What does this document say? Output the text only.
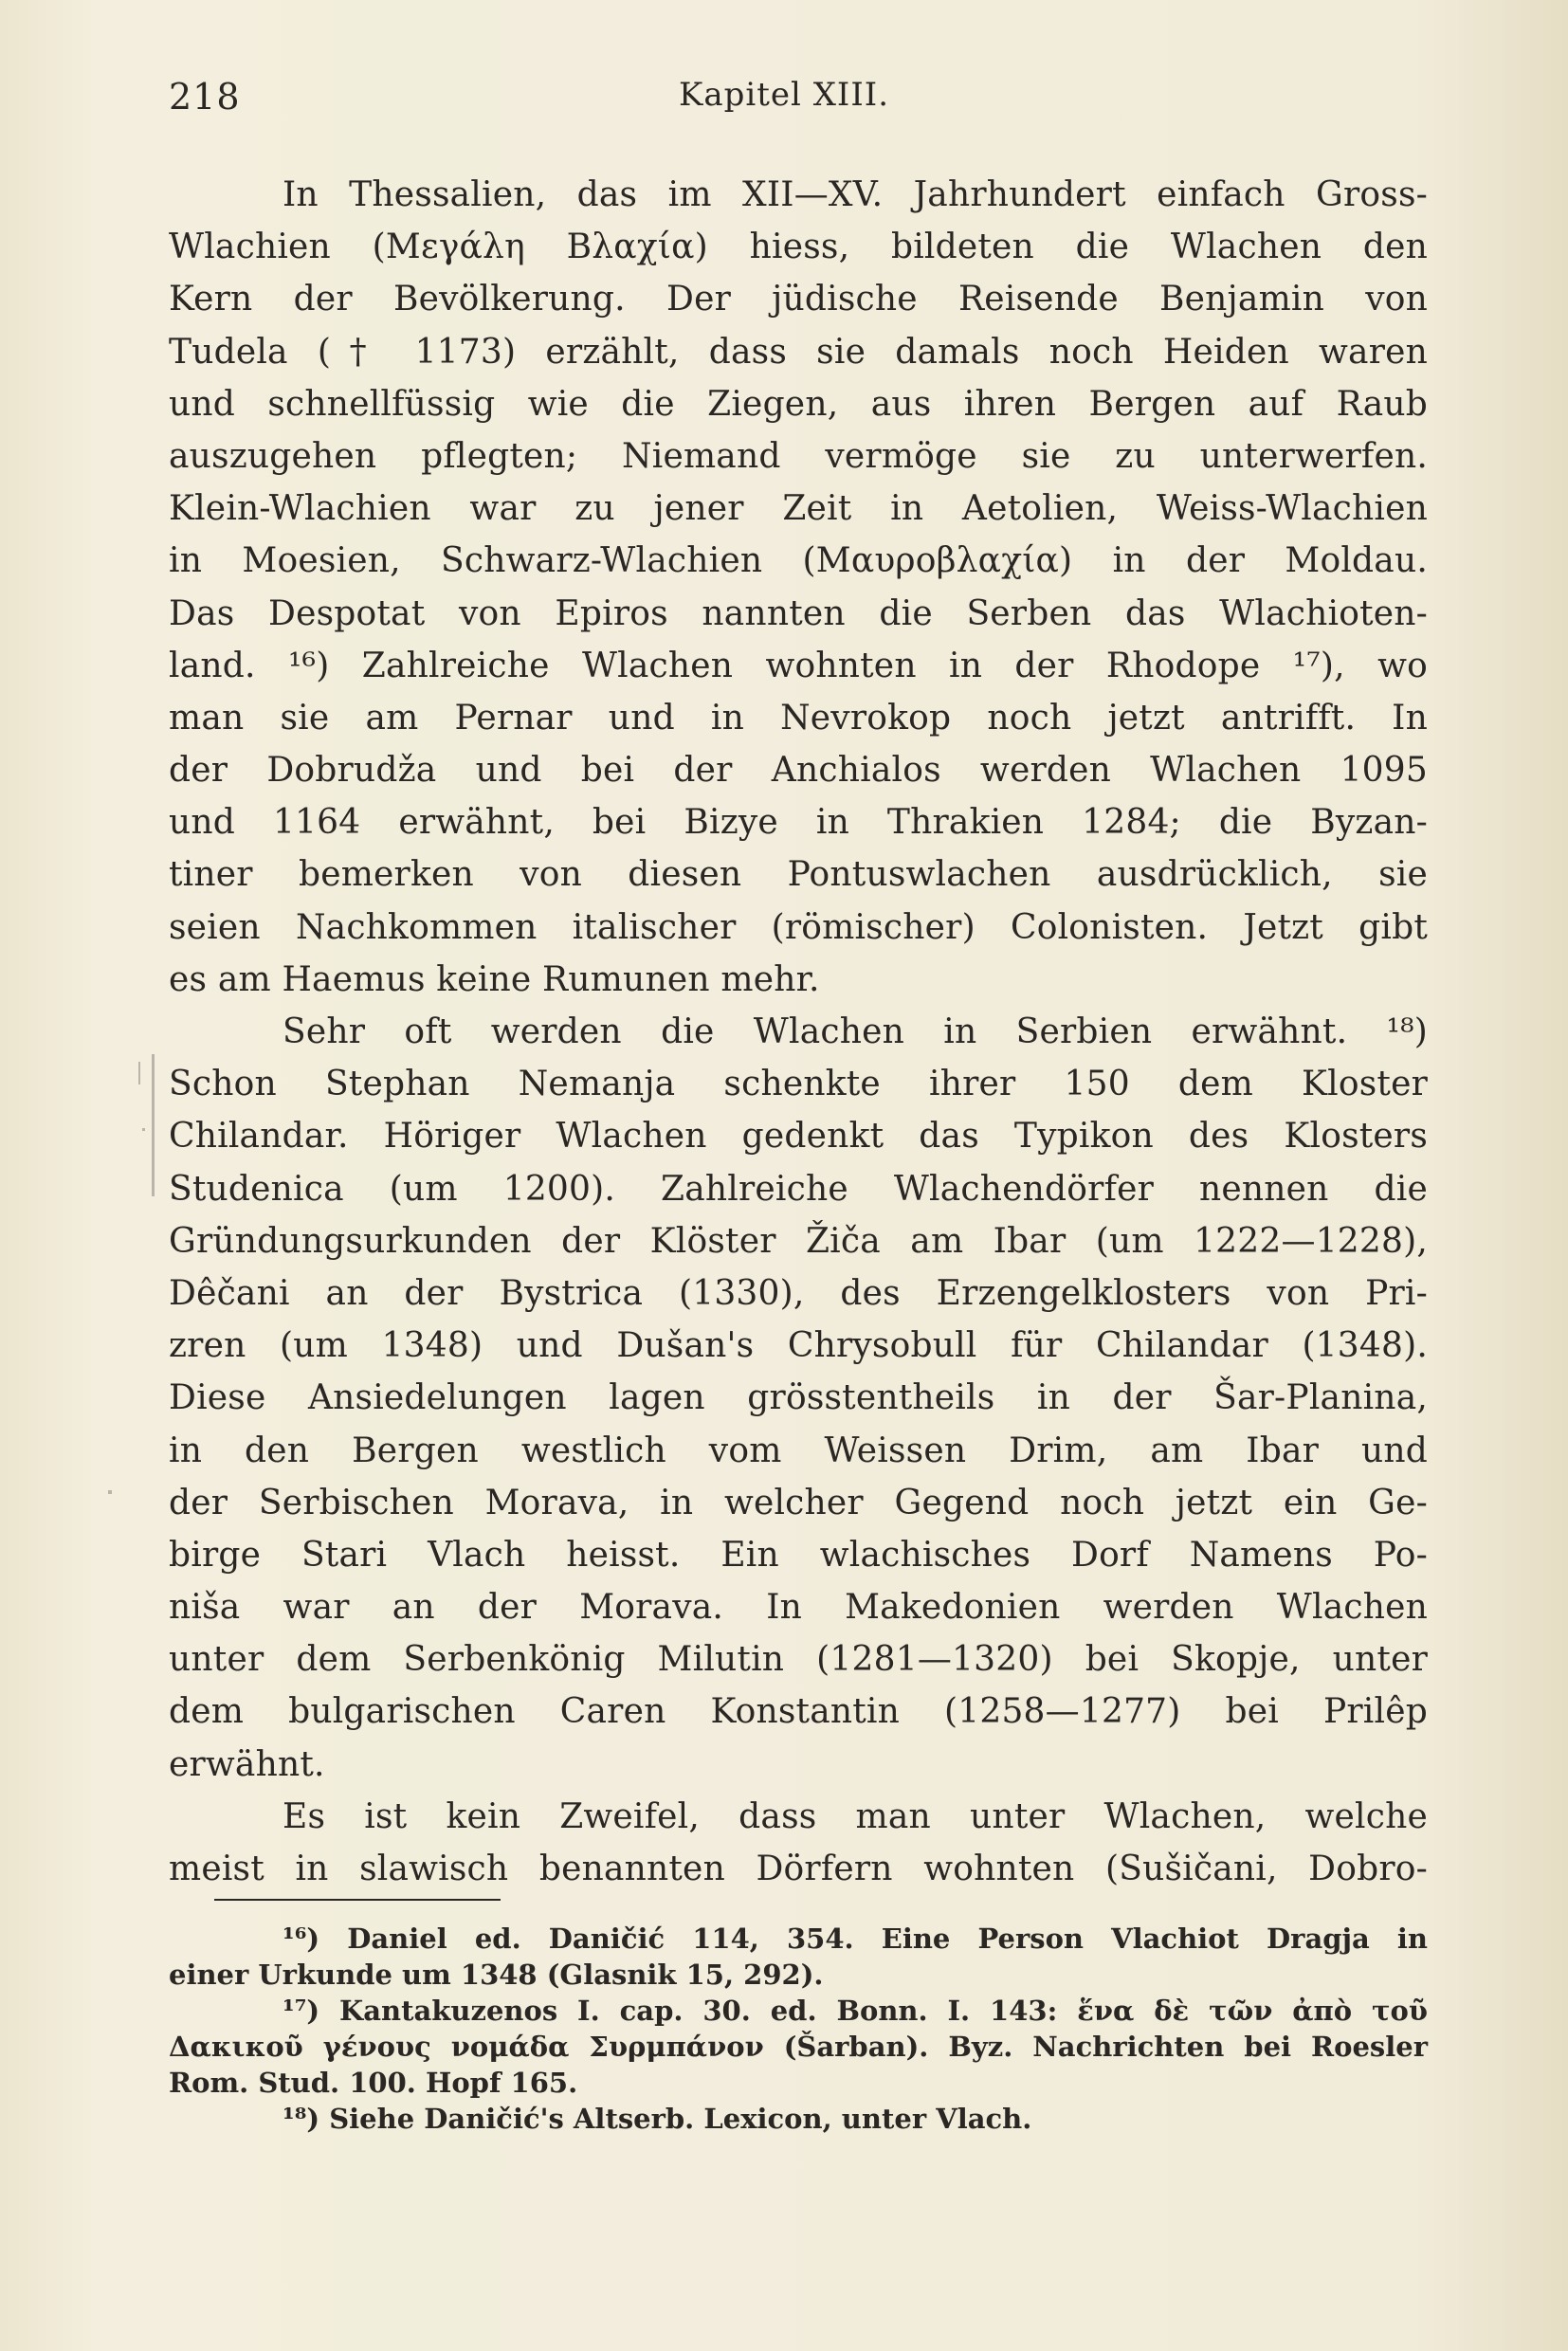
218	Kapitel XIII.
In Thessalien, das im XII—XV. Jahrhundert einfach Gross-
Wlachien (Μεγάλη Βλαχία) hiess, bildeten die Wlachen den
Kern der Bevölkerung. Der jüdische Reisende Benjamin von
Tudela († 1173) erzählt, dass sie damals noch Heiden waren
und schnellfüssig wie die Ziegen, aus ihren Bergen auf Raub
auszugehen pflegten; Niemand vermöge sie zu unterwerfen.
Klein-Wlachien war zu jener Zeit in Aetolien, Weiss-Wlachien
in Moesien, Schwarz-Wlachien (Μαυροβλαχία) in der Moldau.
Das Despotat von Epiros nannten die Serben das Wlachioten-
land. ¹⁶) Zahlreiche Wlachen wohnten in der Rhodope ¹⁷), wo
man sie am Pernar und in Nevrokop noch jetzt antrifft. In
der Dobrudža und bei der Anchialos werden Wlachen 1095
und 1164 erwähnt, bei Bizye in Thrakien 1284; die Byzan-
tiner bemerken von diesen Pontuswlachen ausdrücklich, sie
seien Nachkommen italischer (römischer) Colonisten. Jetzt gibt
es am Haemus keine Rumunen mehr.
Sehr oft werden die Wlachen in Serbien erwähnt. ¹⁸)
Schon Stephan Nemanja schenkte ihrer 150 dem Kloster
Chilandar. Höriger Wlachen gedenkt das Typikon des Klosters
Studenica (um 1200). Zahlreiche Wlachendörfer nennen die
Gründungsurkunden der Klöster Žiča am Ibar (um 1222—1228),
Dêčani an der Bystrica (1330), des Erzengelklosters von Pri-
zren (um 1348) und Dušan's Chrysobull für Chilandar (1348).
Diese Ansiedelungen lagen grösstentheils in der Šar-Planina,
in den Bergen westlich vom Weissen Drim, am Ibar und
der Serbischen Morava, in welcher Gegend noch jetzt ein Ge-
birge Stari Vlach heisst. Ein wlachisches Dorf Namens Po-
niša war an der Morava. In Makedonien werden Wlachen
unter dem Serbenkönig Milutin (1281—1320) bei Skopje, unter
dem bulgarischen Caren Konstantin (1258—1277) bei Prilêp
erwähnt.
Es ist kein Zweifel, dass man unter Wlachen, welche
meist in slawisch benannten Dörfern wohnten (Sušičani, Dobro-
¹⁶) Daniel ed. Daničić 114, 354. Eine Person Vlachiot Dragja in
einer Urkunde um 1348 (Glasnik 15, 292).
¹⁷) Kantakuzenos I. cap. 30. ed. Bonn. I. 143: ἕνα δὲ τῶν ἀπὸ τοῦ
Δακικοῦ γένους νομάδα Συρμπάνον (Šarban). Byz. Nachrichten bei Roesler
Rom. Stud. 100. Hopf 165.
¹⁸) Siehe Daničić's Altserb. Lexicon, unter Vlach.
